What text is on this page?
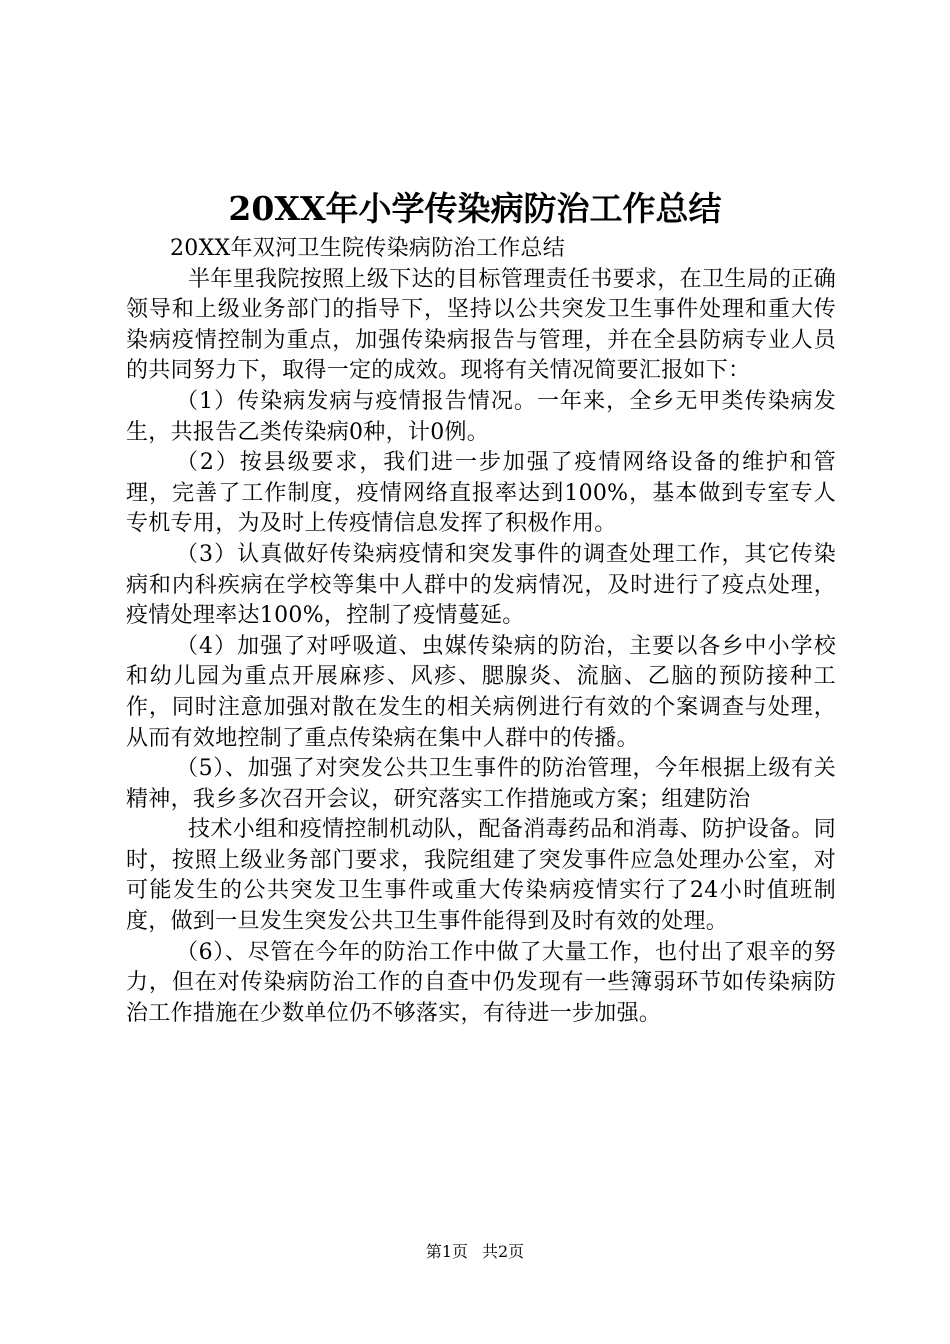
20XX年小学传染病防治工作总结

20XX年双河卫生院传染病防治工作总结

半年里我院按照上级下达的目标管理责任书要求，在卫生局的正确领导和上级业务部门的指导下，坚持以公共突发卫生事件处理和重大传染病疫情控制为重点，加强传染病报告与管理，并在全县防病专业人员的共同努力下，取得一定的成效。现将有关情况简要汇报如下：

（1）传染病发病与疫情报告情况。一年来，全乡无甲类传染病发生，共报告乙类传染病0种，计0例。

（2）按县级要求，我们进一步加强了疫情网络设备的维护和管理，完善了工作制度，疫情网络直报率达到100%，基本做到专室专人专机专用，为及时上传疫情信息发挥了积极作用。

（3）认真做好传染病疫情和突发事件的调查处理工作，其它传染病和内科疾病在学校等集中人群中的发病情况，及时进行了疫点处理，疫情处理率达100%，控制了疫情蔓延。

（4）加强了对呼吸道、虫媒传染病的防治，主要以各乡中小学校和幼儿园为重点开展麻疹、风疹、腮腺炎、流脑、乙脑的预防接种工作，同时注意加强对散在发生的相关病例进行有效的个案调查与处理，从而有效地控制了重点传染病在集中人群中的传播。

（5）、加强了对突发公共卫生事件的防治管理，今年根据上级有关精神，我乡多次召开会议，研究落实工作措施或方案；组建防治

技术小组和疫情控制机动队，配备消毒药品和消毒、防护设备。同时，按照上级业务部门要求，我院组建了突发事件应急处理办公室，对可能发生的公共突发卫生事件或重大传染病疫情实行了24小时值班制度，做到一旦发生突发公共卫生事件能得到及时有效的处理。

（6）、尽管在今年的防治工作中做了大量工作，也付出了艰辛的努力，但在对传染病防治工作的自查中仍发现有一些簿弱环节如传染病防治工作措施在少数单位仍不够落实，有待进一步加强。

第1页 共2页
